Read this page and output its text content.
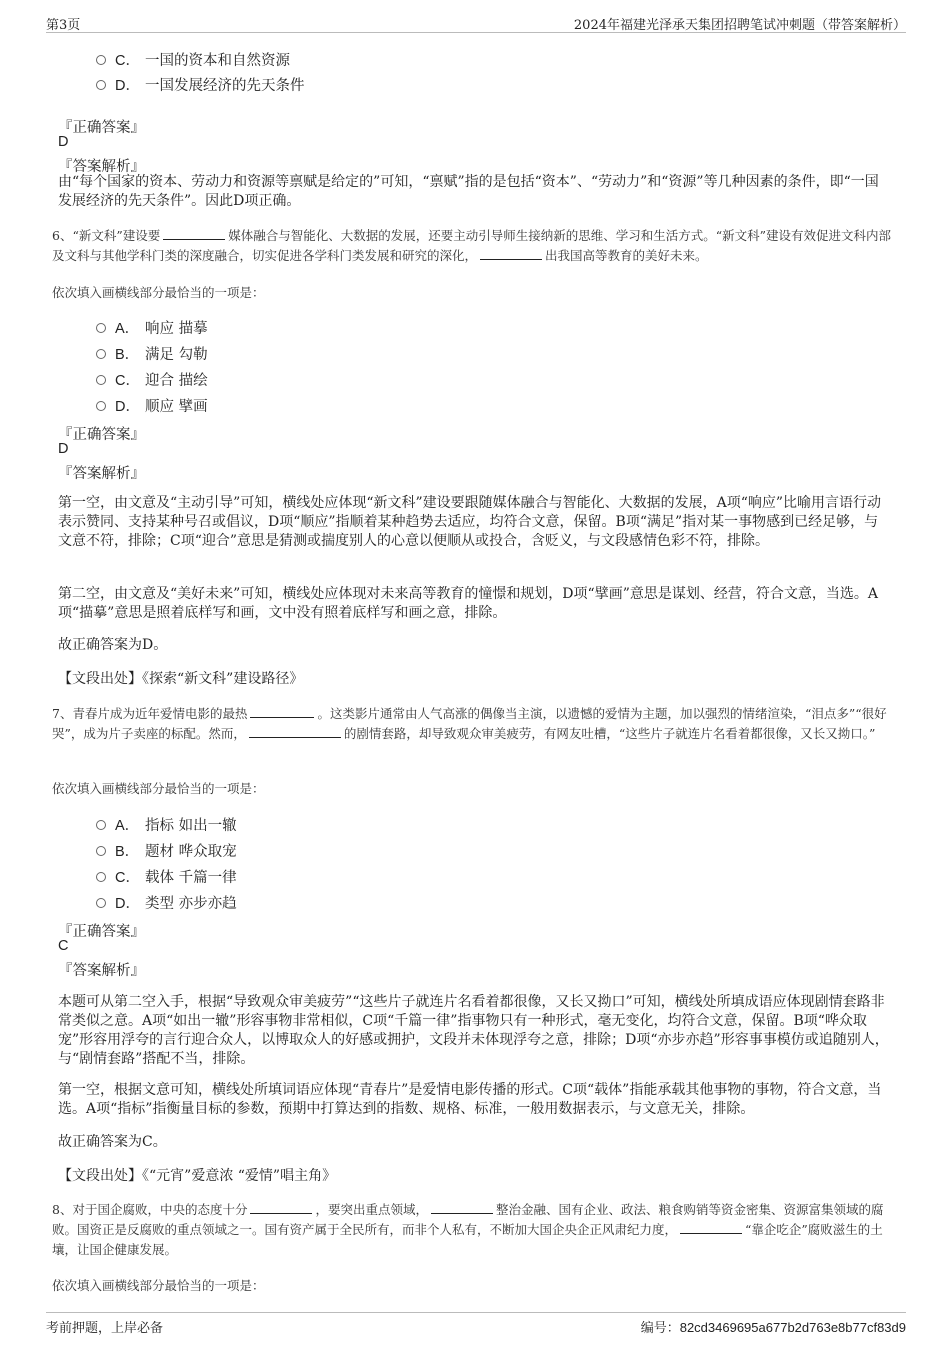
第3页	2024年福建光泽承天集团招聘笔试冲刺题（带答案解析）
C． 一国的资本和自然资源
D． 一国发展经济的先天条件
『正确答案』
D
『答案解析』
由“每个国家的资本、劳动力和资源等禀赋是给定的”可知，“禀赋”指的是包括“资本”、“劳动力”和“资源”等几种因素的条件，即“一国发展经济的先天条件”。因此D项正确。
6、“新文科”建设要	媒体融合与智能化、大数据的发展，还要主动引导师生接纳新的思维、学习和生活方式。“新文科”建设有效促进文科内部及文科与其他学科门类的深度融合，切实促进各学科门类发展和研究的深化，	出我国高等教育的美好未来。
依次填入画横线部分最恰当的一项是：
A． 响应 描摹
B． 满足 勾勒
C． 迎合 描绘
D． 顺应 擘画
『正确答案』
D
『答案解析』
第一空，由文意及“主动引导”可知，横线处应体现“新文科”建设要跟随媒体融合与智能化、大数据的发展，A项“响应”比喻用言语行动表示赞同、支持某种号召或倡议，D项“顺应”指顺着某种趋势去适应，均符合文意，保留。B项“满足”指对某一事物感到已经足够，与文意不符，排除；C项“迎合”意思是猜测或揣度别人的心意以便顺从或投合，含贬义，与文段感情色彩不符，排除。
第二空，由文意及“美好未来”可知，横线处应体现对未来高等教育的憧憬和规划，D项“擘画”意思是谋划、经营，符合文意，当选。A项“描摹”意思是照着底样写和画，文中没有照着底样写和画之意，排除。
故正确答案为D。
【文段出处】《探索“新文科”建设路径》
7、青春片成为近年爱情电影的最热	。这类影片通常由人气高涨的偶像当主演，以遗憾的爱情为主题，加以强烈的情绪渲染，“泪点多”“很好哭”，成为片子卖座的标配。然而，	的剧情套路，却导致观众审美疲劳，有网友吐槽，“这些片子就连片名看着都很像，又长又拗口。”
依次填入画横线部分最恰当的一项是：
A． 指标 如出一辙
B． 题材 哗众取宠
C． 载体 千篇一律
D． 类型 亦步亦趋
『正确答案』
C
『答案解析』
本题可从第二空入手，根据“导致观众审美疲劳”“这些片子就连片名看着都很像，又长又拗口”可知，横线处所填成语应体现剧情套路非常类似之意。A项“如出一辙”形容事物非常相似，C项“千篇一律”指事物只有一种形式，毫无变化，均符合文意，保留。B项“哗众取宠”形容用浮夸的言行迎合众人，以博取众人的好感或拥护，文段并未体现浮夸之意，排除；D项“亦步亦趋”形容事事模仿或追随别人，与“剧情套路”搭配不当，排除。
第一空，根据文意可知，横线处所填词语应体现“青春片”是爱情电影传播的形式。C项“载体”指能承载其他事物的事物，符合文意，当选。A项“指标”指衡量目标的参数，预期中打算达到的指数、规格、标准，一般用数据表示，与文意无关，排除。
故正确答案为C。
【文段出处】《“元宵”爱意浓 “爱情”唱主角》
8、对于国企腐败，中央的态度十分	，要突出重点领域，	整治金融、国有企业、政法、粮食购销等资金密集、资源富集领域的腐败。国资正是反腐败的重点领域之一。国有资产属于全民所有，而非个人私有，不断加大国企央企正风肃纪力度，	“靠企吃企”腐败滋生的土壤，让国企健康发展。
依次填入画横线部分最恰当的一项是：
考前押题，上岸必备	编号：82cd3469695a677b2d763e8b77cf83d9
